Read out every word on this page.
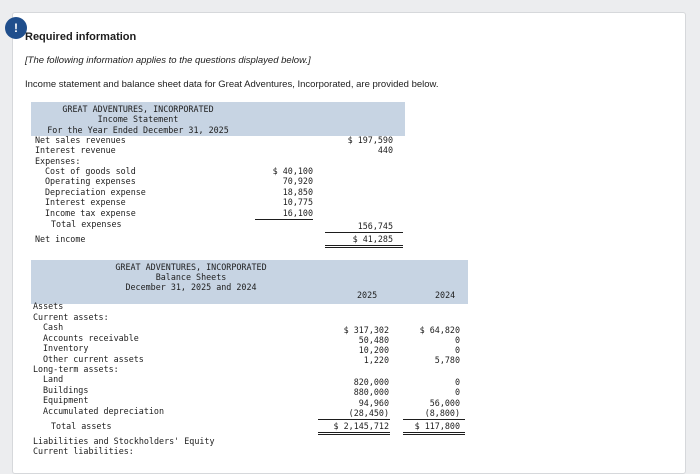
!
Required information
[The following information applies to the questions displayed below.]
Income statement and balance sheet data for Great Adventures, Incorporated, are provided below.
GREAT ADVENTURES, INCORPORATED
Income Statement
For the Year Ended December 31, 2025
Net sales revenues	$ 197,590
Interest revenue	440
Expenses:
Cost of goods sold	$ 40,100
Operating expenses	70,920
Depreciation expense	18,850
Interest expense	10,775
Income tax expense	16,100
Total expenses	156,745
Net income	$ 41,285
GREAT ADVENTURES, INCORPORATED
Balance Sheets
December 31, 2025 and 2024
2025	2024
Assets
Current assets:
Cash	$ 317,302	$ 64,820
Accounts receivable	50,480	0
Inventory	10,200	0
Other current assets	1,220	5,780
Long-term assets:
Land	820,000	0
Buildings	880,000	0
Equipment	94,960	56,000
Accumulated depreciation	(28,450)	(8,800)
Total assets	$ 2,145,712	$ 117,800
Liabilities and Stockholders' Equity
Current liabilities:
